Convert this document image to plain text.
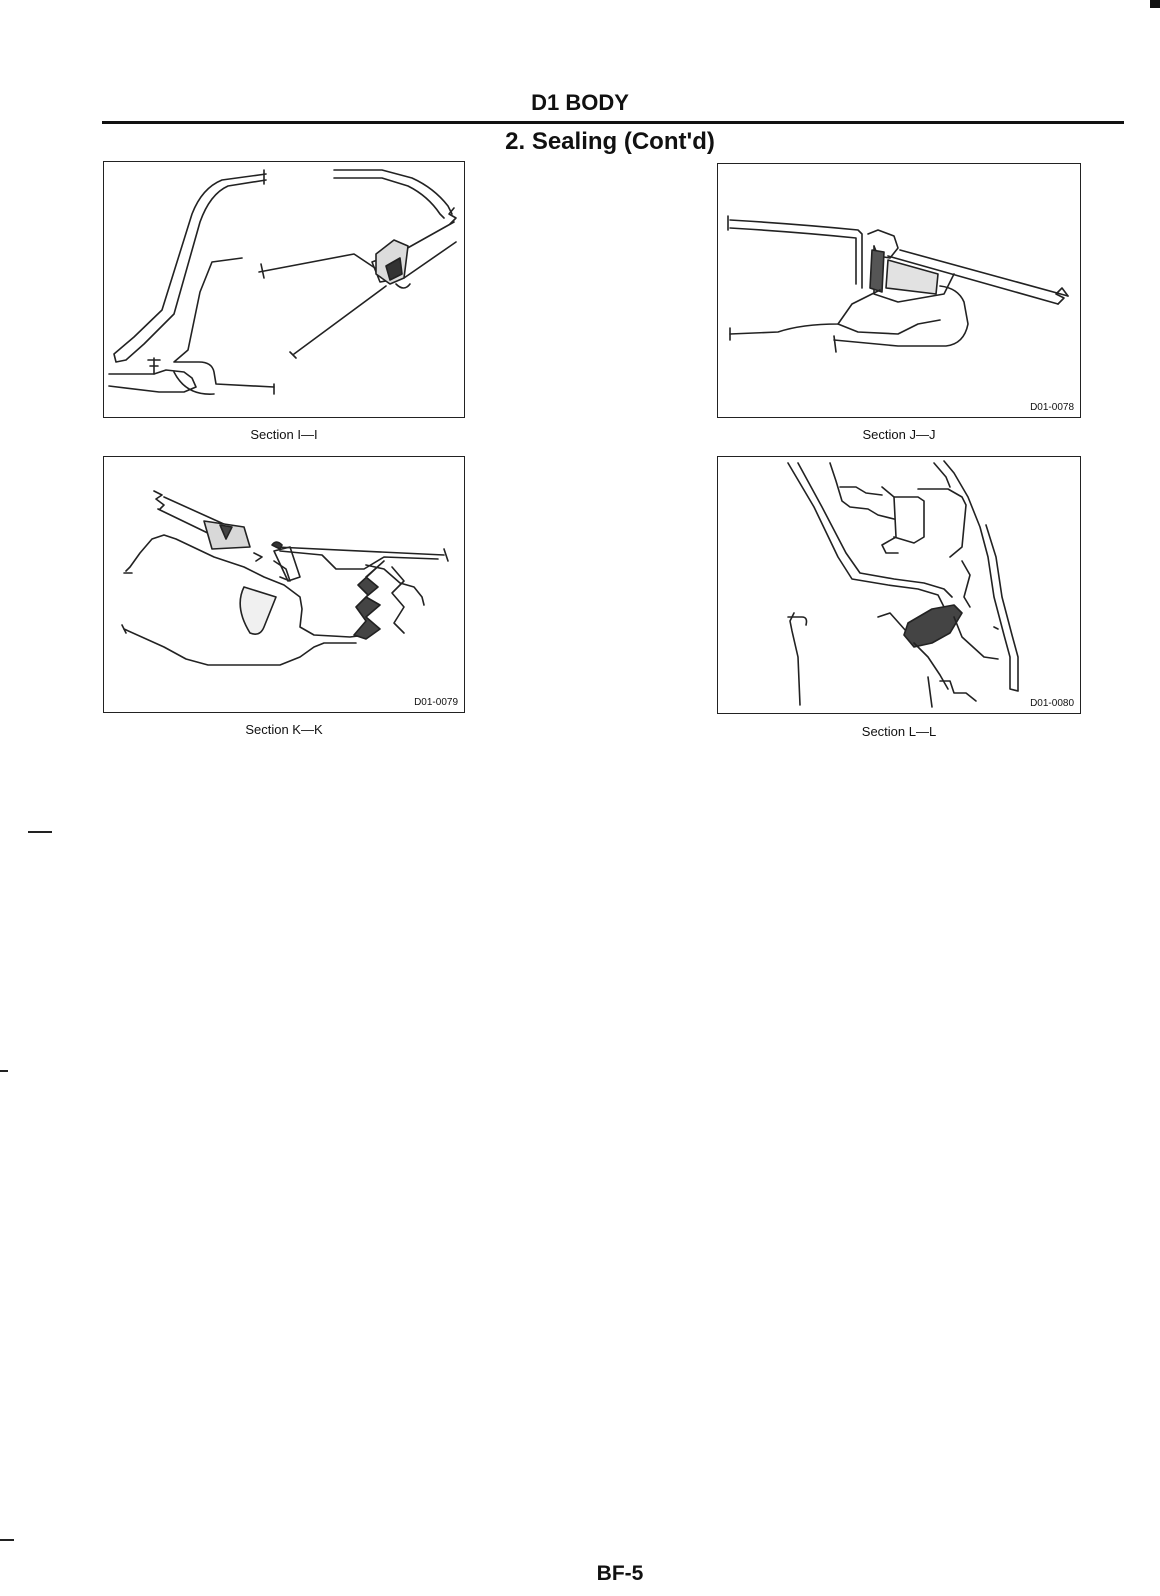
D1 BODY
2. Sealing (Cont'd)
Section I—I
D01-0078
Section J—J
D01-0079
Section K—K
D01-0080
Section L—L
BF-5
